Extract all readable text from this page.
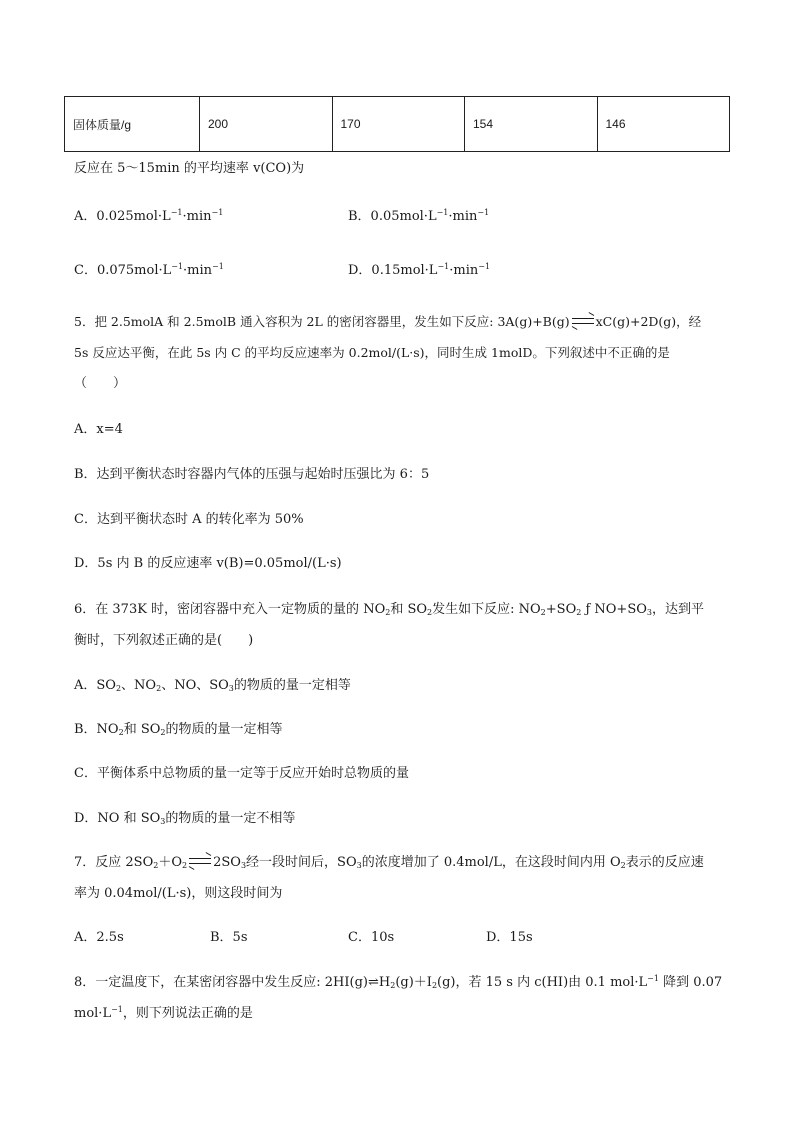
固体质量/g	200	170	154	146
反应在 5～15min 的平均速率 v(CO)为
A．$0.025mol\cdot L^{-1}\cdot\min^{-1}$	B．$0.05mol\cdot L^{-1}\cdot\min^{-1}$
C．$0.075mol\cdot L^{-1}\cdot\min^{-1}$	D．$0.15mol\cdot L^{-1}\cdot\min^{-1}$
5．把 2.5molA 和 2.5molB 通入容积为 2L 的密闭容器里，发生如下反应: 3A(g)+B(g) xC(g)+2D(g)，经
5s 反应达平衡，在此 5s 内 C 的平均反应速率为 0.2mol/(L·s)，同时生成 1molD。下列叙述中不正确的是
（　　）
A．x=4
B．达到平衡状态时容器内气体的压强与起始时压强比为 6：5
C．达到平衡状态时 A 的转化率为 50%
D．5s 内 B 的反应速率 v(B)=0.05mol/(L·s)
6．在 373K 时，密闭容器中充入一定物质的量的 $NO_2$和 $SO_2$发生如下反应: $NO_2+SO_2$ ƒ $NO+SO_3$，达到平
衡时，下列叙述正确的是(　　)
A．$SO_2$、$NO_2$、NO、$SO_3$的物质的量一定相等
B．$NO_2$和 $SO_2$的物质的量一定相等
C．平衡体系中总物质的量一定等于反应开始时总物质的量
D．NO 和 $SO_3$的物质的量一定不相等
7．反应 $2SO_2+O_2$ $2SO_3$经一段时间后，$SO_3$的浓度增加了 0.4mol/L，在这段时间内用 $O_2$表示的反应速
率为 0.04mol/(L·s)，则这段时间为
A．2.5s	B．5s	C．10s	D．15s
8．一定温度下，在某密闭容器中发生反应: $2HI(g)\rightleftharpoons H_2(g)+I_2(g)$，若 15 s 内 c(HI)由 0.1 $mol\cdot L^{-1}$ 降到 0.07
$mol\cdot L^{-1}$，则下列说法正确的是
